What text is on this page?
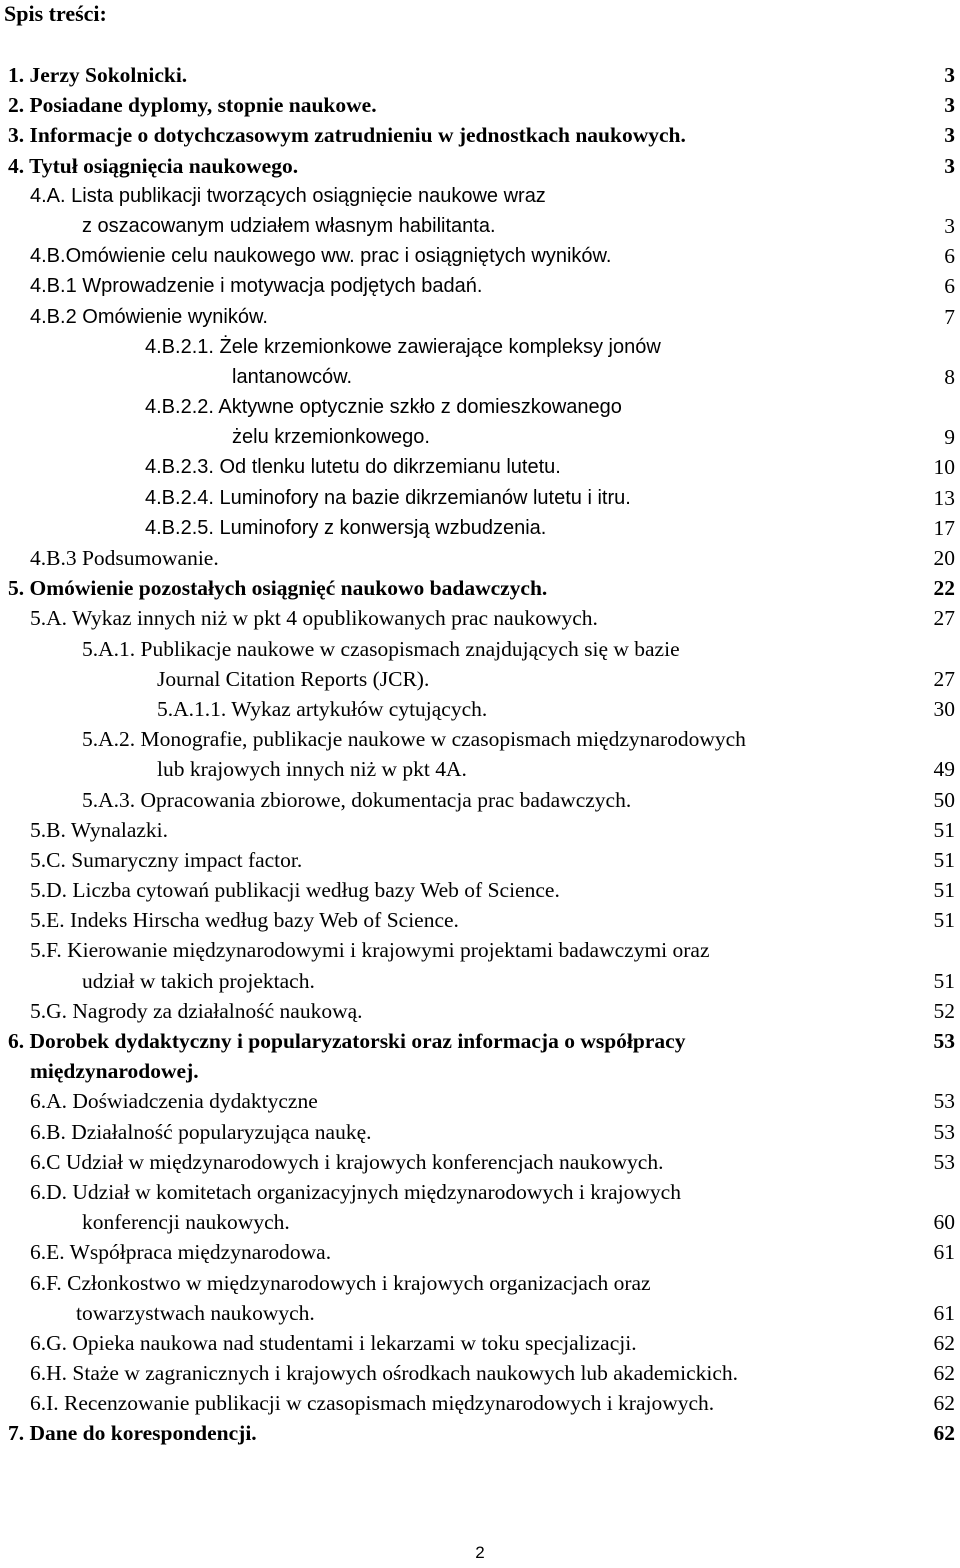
Spis treści:
1. Jerzy Sokolnicki.	3
2. Posiadane dyplomy, stopnie naukowe.	3
3. Informacje o dotychczasowym zatrudnieniu w jednostkach naukowych.	3
4. Tytuł osiągnięcia naukowego.	3
4.A. Lista publikacji tworzących osiągnięcie naukowe wraz
z oszacowanym udziałem własnym habilitanta.	3
4.B.Omówienie celu naukowego ww. prac i osiągniętych wyników.	6
4.B.1 Wprowadzenie i motywacja podjętych badań.	6
4.B.2 Omówienie wyników.	7
4.B.2.1. Żele krzemionkowe zawierające kompleksy jonów
lantanowców.	8
4.B.2.2. Aktywne optycznie szkło z domieszkowanego
żelu krzemionkowego.	9
4.B.2.3. Od tlenku lutetu do dikrzemianu lutetu.	10
4.B.2.4. Luminofory na bazie dikrzemianów lutetu i itru.	13
4.B.2.5. Luminofory z konwersją wzbudzenia.	17
4.B.3 Podsumowanie.	20
5. Omówienie pozostałych osiągnięć naukowo badawczych.	22
5.A. Wykaz innych niż w pkt 4 opublikowanych prac naukowych.	27
5.A.1. Publikacje naukowe w czasopismach znajdujących się w bazie
Journal Citation Reports (JCR).	27
5.A.1.1. Wykaz artykułów cytujących.	30
5.A.2. Monografie, publikacje naukowe w czasopismach międzynarodowych
lub krajowych innych niż w pkt 4A.	49
5.A.3. Opracowania zbiorowe, dokumentacja prac badawczych.	50
5.B. Wynalazki.	51
5.C. Sumaryczny impact factor.	51
5.D. Liczba cytowań publikacji według bazy Web of Science.	51
5.E. Indeks Hirscha według bazy Web of Science.	51
5.F. Kierowanie międzynarodowymi i krajowymi projektami badawczymi oraz
udział w takich projektach.	51
5.G. Nagrody za działalność naukową.	52
6. Dorobek dydaktyczny i popularyzatorski oraz informacja o współpracy	53
międzynarodowej.
6.A. Doświadczenia dydaktyczne	53
6.B. Działalność popularyzująca naukę.	53
6.C Udział w międzynarodowych i krajowych konferencjach naukowych.	53
6.D. Udział w komitetach organizacyjnych międzynarodowych i krajowych
konferencji naukowych.	60
6.E. Współpraca międzynarodowa.	61
6.F. Członkostwo w międzynarodowych i krajowych organizacjach oraz
towarzystwach naukowych.	61
6.G. Opieka naukowa nad studentami i lekarzami w toku specjalizacji.	62
6.H. Staże w zagranicznych i krajowych ośrodkach naukowych lub akademickich.	62
6.I. Recenzowanie publikacji w czasopismach międzynarodowych i krajowych.	62
7. Dane do korespondencji.	62
2
